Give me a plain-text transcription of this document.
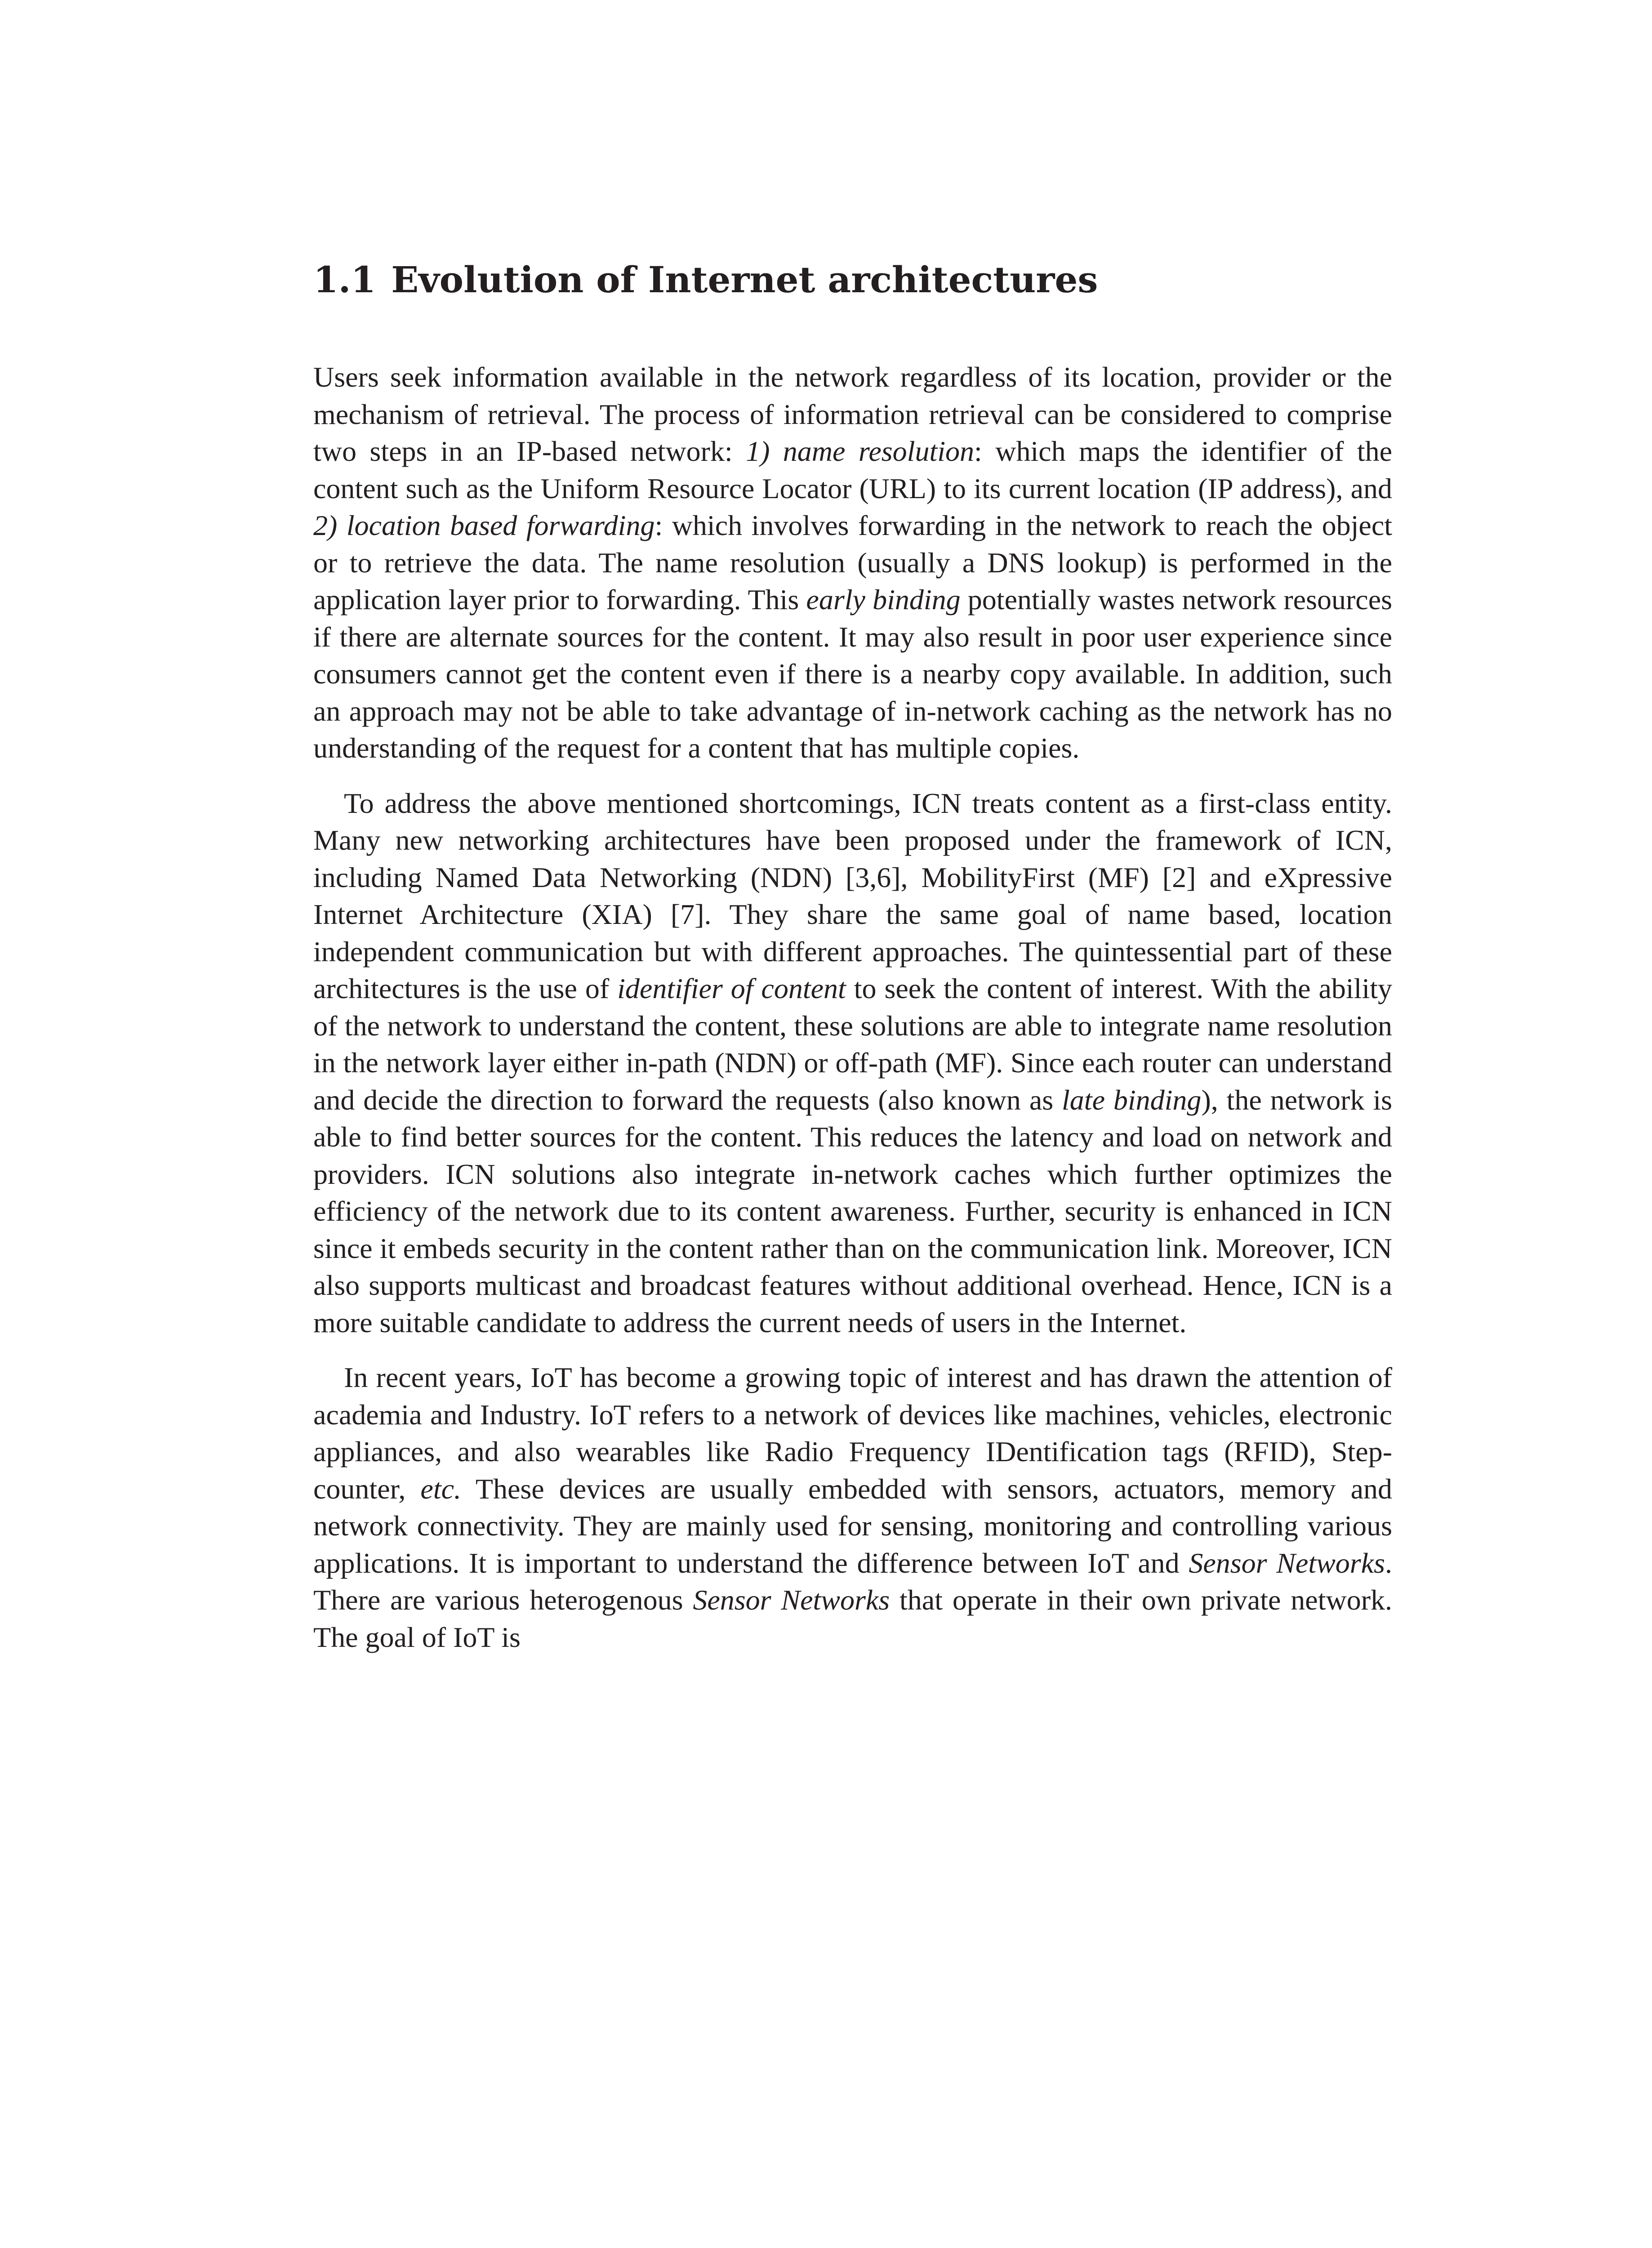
1.1 Evolution of Internet architectures

Users seek information available in the network regardless of its location, provider or the mechanism of retrieval. The process of information retrieval can be considered to comprise two steps in an IP-based network: 1) name resolution: which maps the identifier of the content such as the Uniform Resource Locator (URL) to its current location (IP address), and 2) location based forwarding: which involves forwarding in the network to reach the object or to retrieve the data. The name resolution (usually a DNS lookup) is performed in the application layer prior to forwarding. This early binding potentially wastes network resources if there are alternate sources for the content. It may also result in poor user experience since consumers cannot get the content even if there is a nearby copy available. In addition, such an approach may not be able to take advantage of in-network caching as the network has no understanding of the request for a content that has multiple copies.

To address the above mentioned shortcomings, ICN treats content as a first-class entity. Many new networking architectures have been proposed under the framework of ICN, including Named Data Networking (NDN) [3,6], MobilityFirst (MF) [2] and eXpressive Internet Architecture (XIA) [7]. They share the same goal of name based, location independent communication but with different approaches. The quintessential part of these architectures is the use of identifier of content to seek the content of interest. With the ability of the network to understand the content, these solutions are able to integrate name resolution in the network layer either in-path (NDN) or off-path (MF). Since each router can understand and decide the direction to forward the requests (also known as late binding), the network is able to find better sources for the content. This reduces the latency and load on network and providers. ICN solutions also integrate in-network caches which further optimizes the efficiency of the network due to its content awareness. Further, security is enhanced in ICN since it embeds security in the content rather than on the communication link. Moreover, ICN also supports multicast and broadcast features without additional overhead. Hence, ICN is a more suitable candidate to address the current needs of users in the Internet.

In recent years, IoT has become a growing topic of interest and has drawn the attention of academia and Industry. IoT refers to a network of devices like machines, vehicles, electronic appliances, and also wearables like Radio Frequency IDentification tags (RFID), Step-counter, etc. These devices are usually embedded with sensors, actuators, memory and network connectivity. They are mainly used for sensing, monitoring and controlling various applications. It is important to understand the difference between IoT and Sensor Networks. There are various heterogenous Sensor Networks that operate in their own private network. The goal of IoT is
